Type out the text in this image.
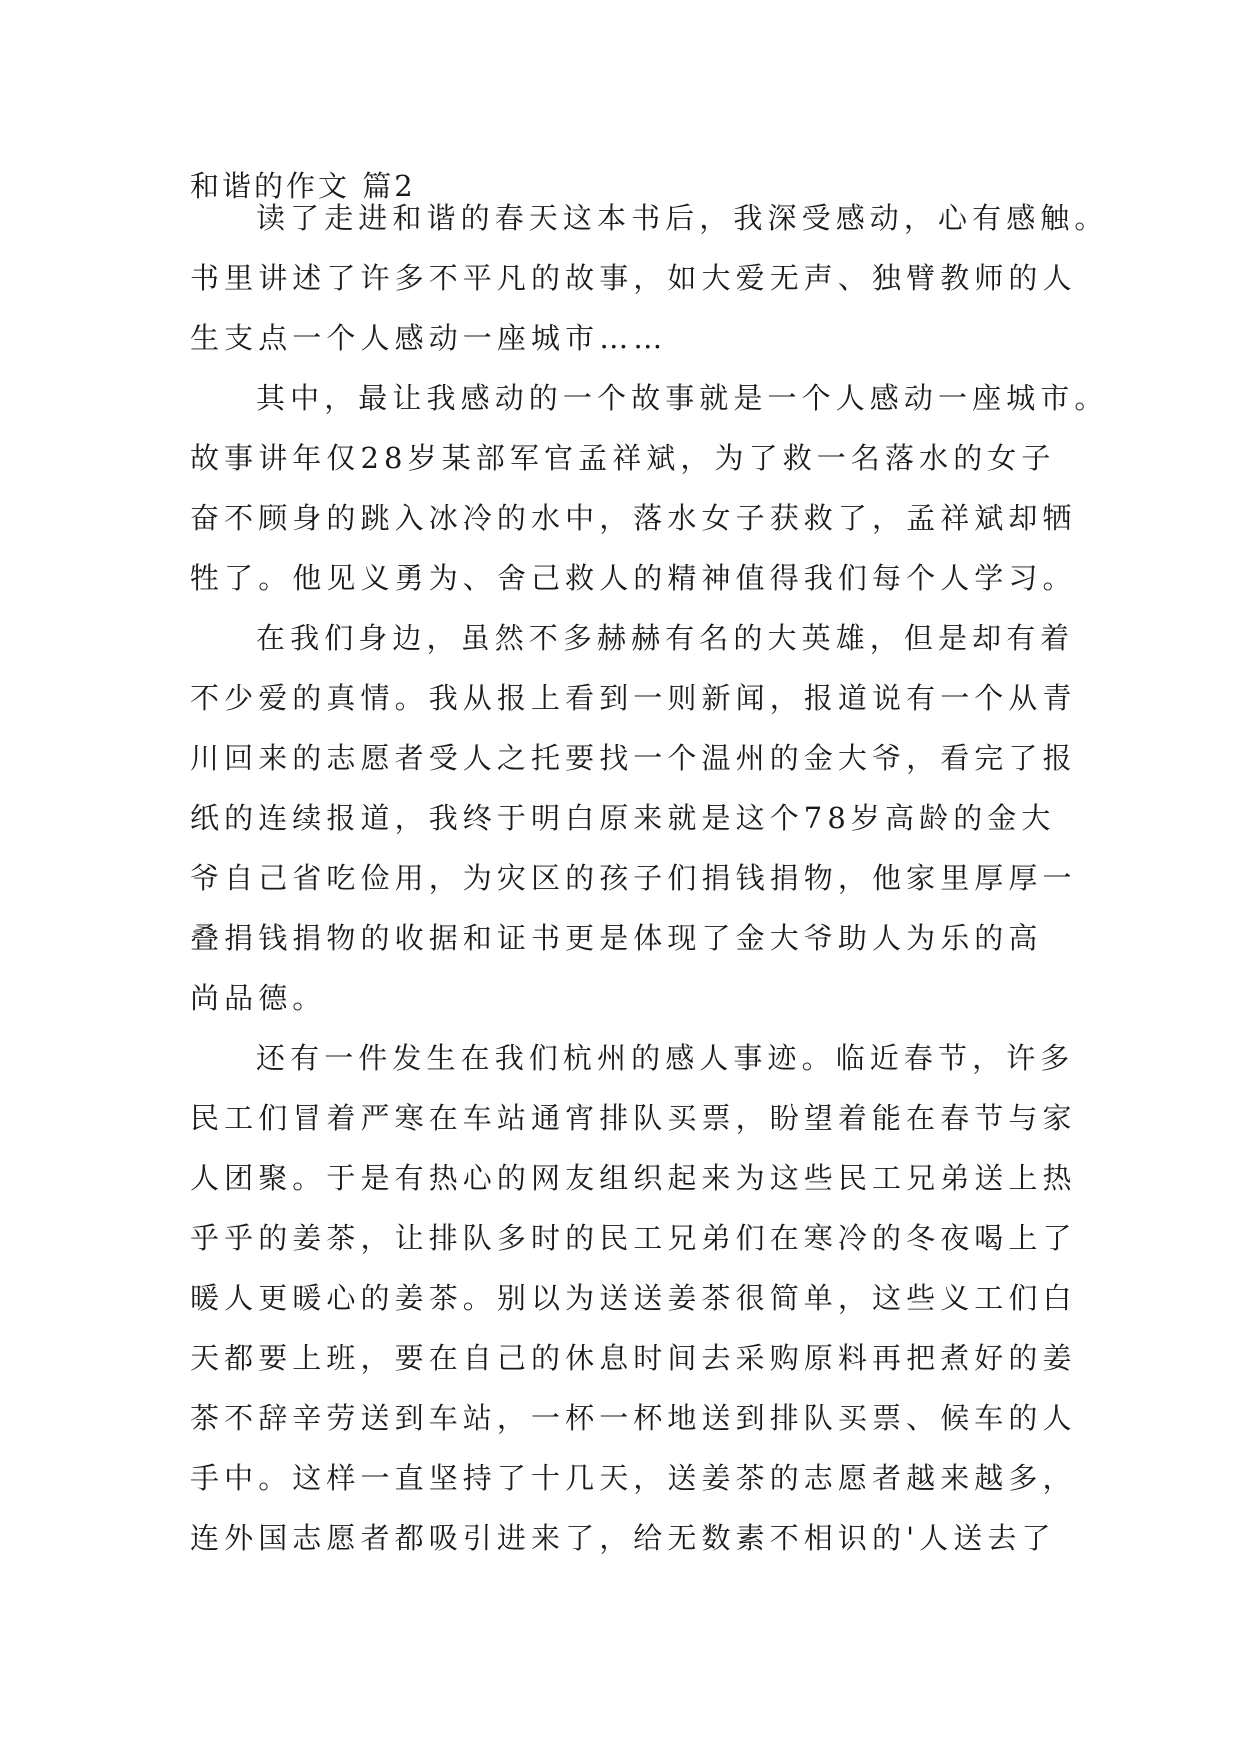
和谐的作文 篇2
读了走进和谐的春天这本书后，我深受感动，心有感触。
书里讲述了许多不平凡的故事，如大爱无声、独臂教师的人
生支点一个人感动一座城市……
其中，最让我感动的一个故事就是一个人感动一座城市。
故事讲年仅28岁某部军官孟祥斌，为了救一名落水的女子
奋不顾身的跳入冰冷的水中，落水女子获救了，孟祥斌却牺
牲了。他见义勇为、舍己救人的精神值得我们每个人学习。
在我们身边，虽然不多赫赫有名的大英雄，但是却有着
不少爱的真情。我从报上看到一则新闻，报道说有一个从青
川回来的志愿者受人之托要找一个温州的金大爷，看完了报
纸的连续报道，我终于明白原来就是这个78岁高龄的金大
爷自己省吃俭用，为灾区的孩子们捐钱捐物，他家里厚厚一
叠捐钱捐物的收据和证书更是体现了金大爷助人为乐的高
尚品德。
还有一件发生在我们杭州的感人事迹。临近春节，许多
民工们冒着严寒在车站通宵排队买票，盼望着能在春节与家
人团聚。于是有热心的网友组织起来为这些民工兄弟送上热
乎乎的姜茶，让排队多时的民工兄弟们在寒冷的冬夜喝上了
暖人更暖心的姜茶。别以为送送姜茶很简单，这些义工们白
天都要上班，要在自己的休息时间去采购原料再把煮好的姜
茶不辞辛劳送到车站，一杯一杯地送到排队买票、候车的人
手中。这样一直坚持了十几天，送姜茶的志愿者越来越多，
连外国志愿者都吸引进来了，给无数素不相识的'人送去了
